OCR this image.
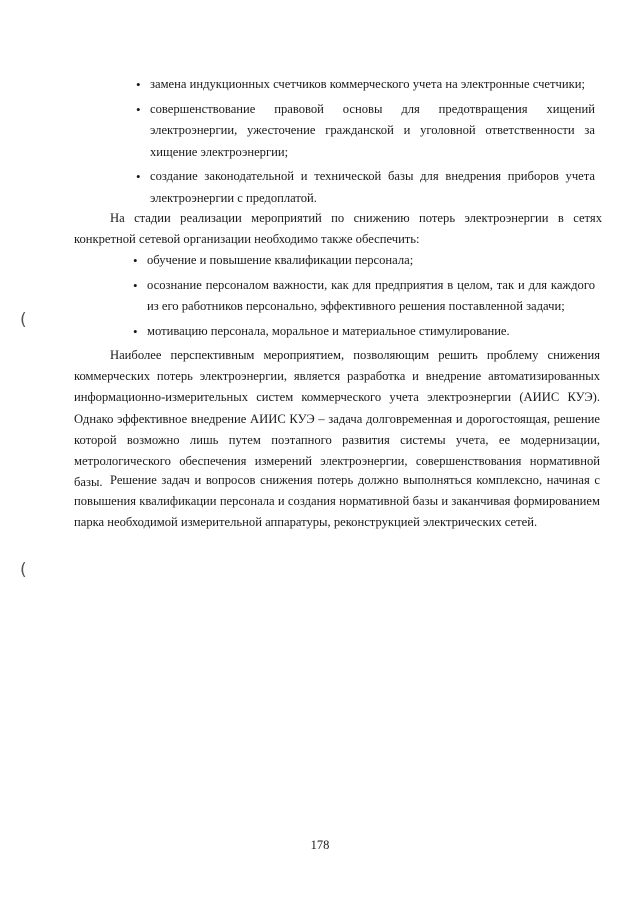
• замена индукционных счетчиков коммерческого учета на электронные счетчики;
• совершенствование правовой основы для предотвращения хищений электроэнергии, ужесточение гражданской и уголовной ответственности за хищение электроэнергии;
• создание законодательной и технической базы для внедрения приборов учета электроэнергии с предоплатой.

На стадии реализации мероприятий по снижению потерь электроэнергии в сетях конкретной сетевой организации необходимо также обеспечить:

• обучение и повышение квалификации персонала;
• осознание персоналом важности, как для предприятия в целом, так и для каждого из его работников персонально, эффективного решения поставленной задачи;
• мотивацию персонала, моральное и материальное стимулирование.

Наиболее перспективным мероприятием, позволяющим решить проблему снижения коммерческих потерь электроэнергии, является разработка и внедрение автоматизированных информационно-измерительных систем коммерческого учета электроэнергии (АИИС КУЭ). Однако эффективное внедрение АИИС КУЭ – задача долговременная и дорогостоящая, решение которой возможно лишь путем поэтапного развития системы учета, ее модернизации, метрологического обеспечения измерений электроэнергии, совершенствования нормативной базы. Решение задач и вопросов снижения потерь должно выполняться комплексно, начиная с повышения квалификации персонала и создания нормативной базы и заканчивая формированием парка необходимой измерительной аппаратуры, реконструкцией электрических сетей.

178
(
(
